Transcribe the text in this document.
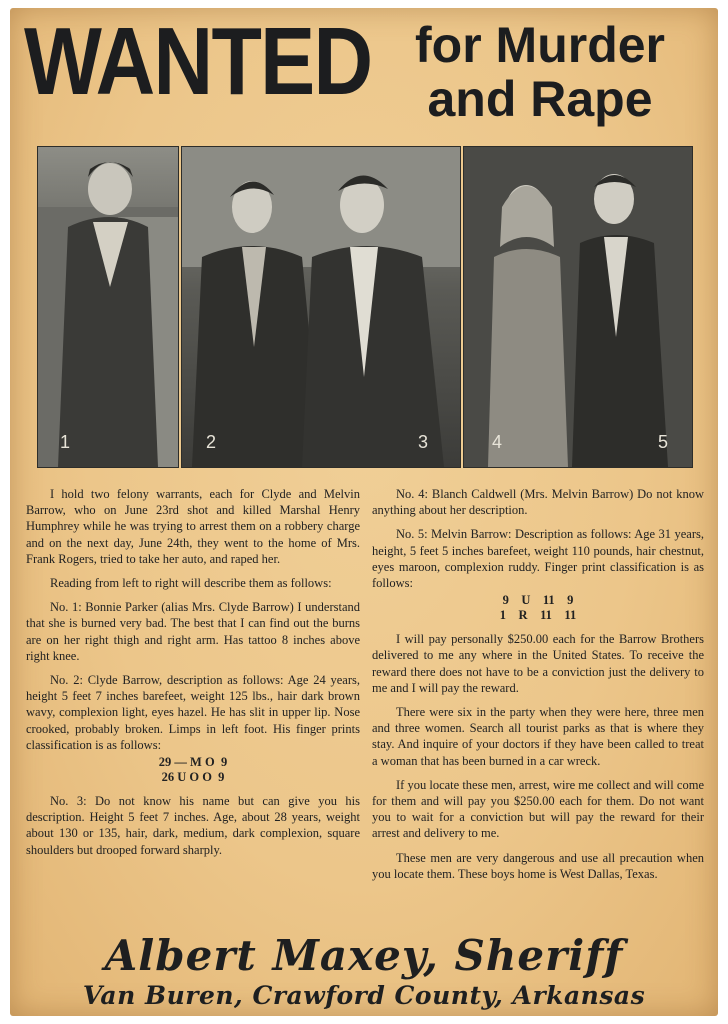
WANTED for Murder
and Rape
1	2	3	4	5

I hold two felony warrants, each for Clyde and Melvin Barrow, who on June 23rd shot and killed Marshal Henry Humphrey while he was trying to arrest them on a robbery charge and on the next day, June 24th, they went to the home of Mrs. Frank Rogers, tried to take her auto, and raped her.

Reading from left to right will describe them as follows:

No. 1: Bonnie Parker (alias Mrs. Clyde Barrow) I understand that she is burned very bad. The best that I can find out the burns are on her right thigh and right arm. Has tattoo 8 inches above right knee.

No. 2: Clyde Barrow, description as follows: Age 24 years, height 5 feet 7 inches barefeet, weight 125 lbs., hair dark brown wavy, complexion light, eyes hazel. He has slit in upper lip. Nose crooked, probably broken. Limps in left foot. His finger prints classification is as follows:

29 — M O  9
26 U O O  9

No. 3: Do not know his name but can give you his description. Height 5 feet 7 inches. Age, about 28 years, weight about 130 or 135, hair, dark, medium, dark complexion, square shoulders but drooped forward sharply.

No. 4: Blanch Caldwell (Mrs. Melvin Barrow) Do not know anything about her description.

No. 5: Melvin Barrow: Description as follows: Age 31 years, height, 5 feet 5 inches barefeet, weight 110 pounds, hair chestnut, eyes maroon, complexion ruddy. Finger print classification is as follows:

9    U    11    9
1    R    11    11

I will pay personally $250.00 each for the Barrow Brothers delivered to me any where in the United States. To receive the reward there does not have to be a conviction just the delivery to me and I will pay the reward.

There were six in the party when they were here, three men and three women. Search all tourist parks as that is where they stay. And inquire of your doctors if they have been called to treat a woman that has been burned in a car wreck.

If you locate these men, arrest, wire me collect and will come for them and will pay you $250.00 each for them. Do not want you to wait for a conviction but will pay the reward for their arrest and delivery to me.

These men are very dangerous and use all precaution when you locate them. These boys home is West Dallas, Texas.

Albert Maxey, Sheriff
Van Buren, Crawford County, Arkansas
